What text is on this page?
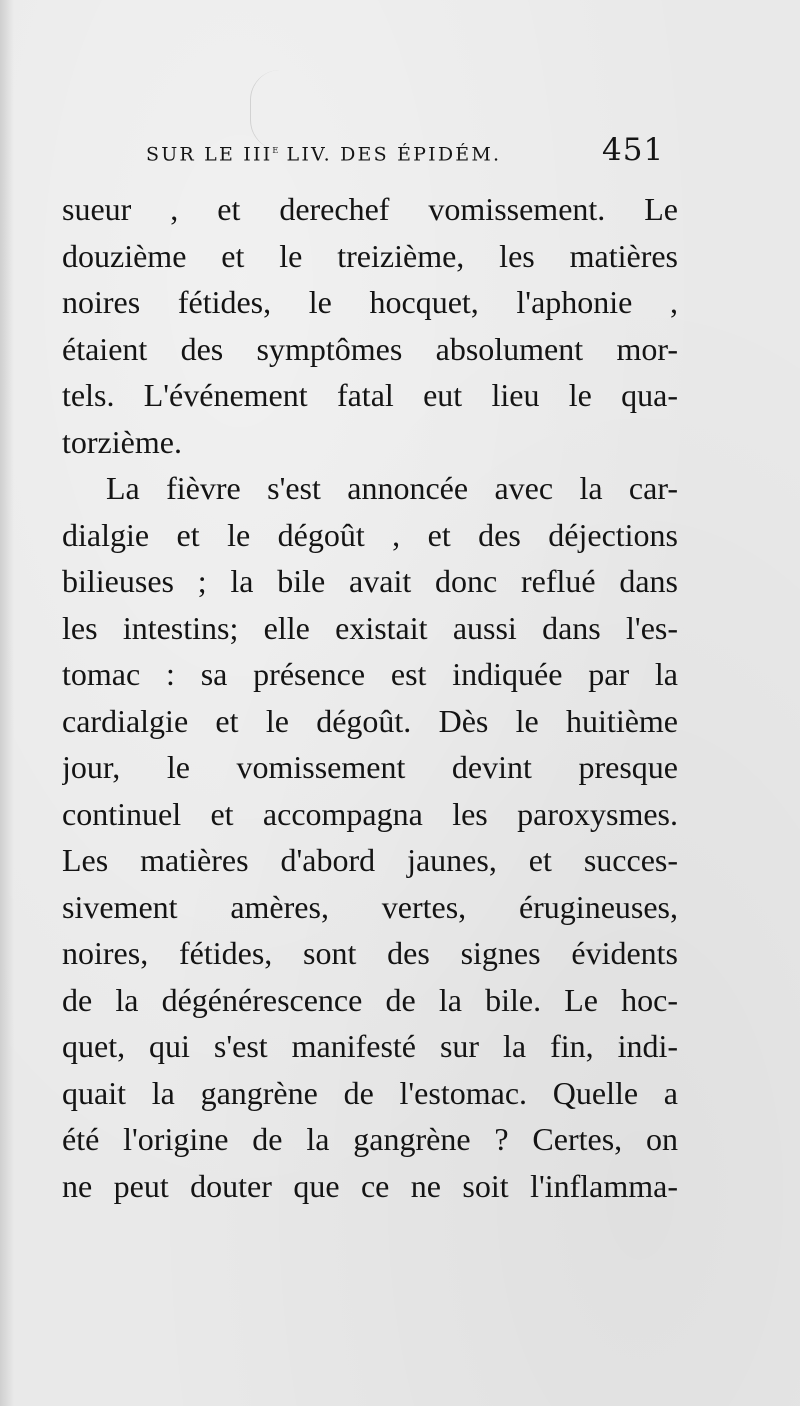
SUR LE IIIe LIV. DES ÉPIDÉM.	451
sueur , et derechef vomissement. Le
douzième et le treizième, les matières
noires fétides, le hocquet, l'aphonie ,
étaient des symptômes absolument mor-
tels. L'événement fatal eut lieu le qua-
torzième.
La fièvre s'est annoncée avec la car-
dialgie et le dégoût , et des déjections
bilieuses ; la bile avait donc reflué dans
les intestins; elle existait aussi dans l'es-
tomac : sa présence est indiquée par la
cardialgie et le dégoût. Dès le huitième
jour, le vomissement devint presque
continuel et accompagna les paroxysmes.
Les matières d'abord jaunes, et succes-
sivement amères, vertes, érugineuses,
noires, fétides, sont des signes évidents
de la dégénérescence de la bile. Le hoc-
quet, qui s'est manifesté sur la fin, indi-
quait la gangrène de l'estomac. Quelle a
été l'origine de la gangrène ? Certes, on
ne peut douter que ce ne soit l'inflamma-
